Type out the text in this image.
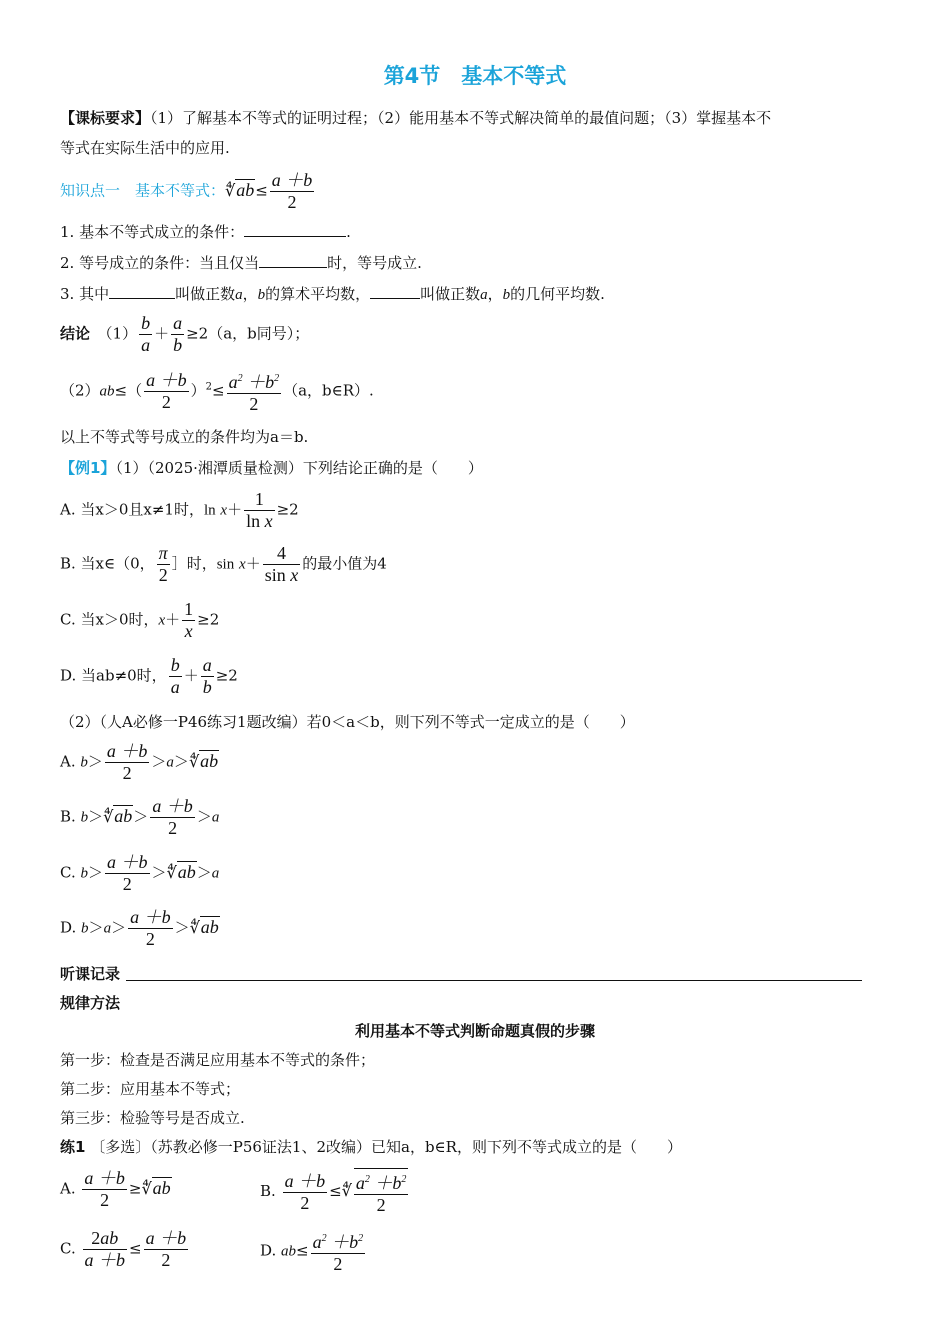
第4节　基本不等式
【课标要求】（1）了解基本不等式的证明过程；（2）能用基本不等式解决简单的最值问题；（3）掌握基本不
等式在实际生活中的应用.
知识点一　基本不等式：∜ab≤ $\frac{a +b}{2}$
1. 基本不等式成立的条件：	.
2. 等号成立的条件：当且仅当	时，等号成立.
3. 其中	叫做正数a，b的算术平均数，	叫做正数a，b的几何平均数.
结论　 $(1) \frac{b}{a} + \frac{a}{b} \ge 2(a$，b同号）；
$(2)ab\le( \frac{a +b}{2} )^2\le \frac{a^2 +b^2}{2} (a$，b∈R）.
以上不等式等号成立的条件均为a＝b.
【例1】（1）（2025·湘潭质量检测）下列结论正确的是（　　）
A. 当x＞0且x≠1时，$\ln x+ \frac{1}{\text{ln x}} \ge 2$
B. 当x∈（0， $\frac{\pi}{2}$ ］时，$\sin x+ \frac{4}{\text{sin x}}$ 的最小值为4
C. 当x＞0时，$x+ \frac{1}{x} \ge 2$
D. 当ab≠0时， $\frac{b}{a} + \frac{a}{b} \ge 2$
（2）（人A必修一P46练习1题改编）若0＜a＜b，则下列不等式一定成立的是（　　）
A. $b> \frac{a +b}{2}$ ＞a＞∜ab
B. b＞∜ab＞ $\frac{a +b}{2} >a$
C. $b> \frac{a +b}{2}$ ＞∜ab＞a
D. $b>a> \frac{a +b}{2}$ ＞∜ab
听课记录
规律方法
利用基本不等式判断命题真假的步骤
第一步：检查是否满足应用基本不等式的条件；
第二步：应用基本不等式；
第三步：检验等号是否成立.
练1 〔多选〕（苏教必修一P56证法1、2改编）已知a，b∈R，则下列不等式成立的是（　　）
A. $\frac{a +b}{2}$ ≥∜ab	B. $\frac{a +b}{2}$ ≤∜ $\frac{a^2 +b^2}{2}$
C. $\frac{2ab}{a +b} \le \frac{a +b}{2}$	D. $ab\le \frac{a^2 +b^2}{2}$
